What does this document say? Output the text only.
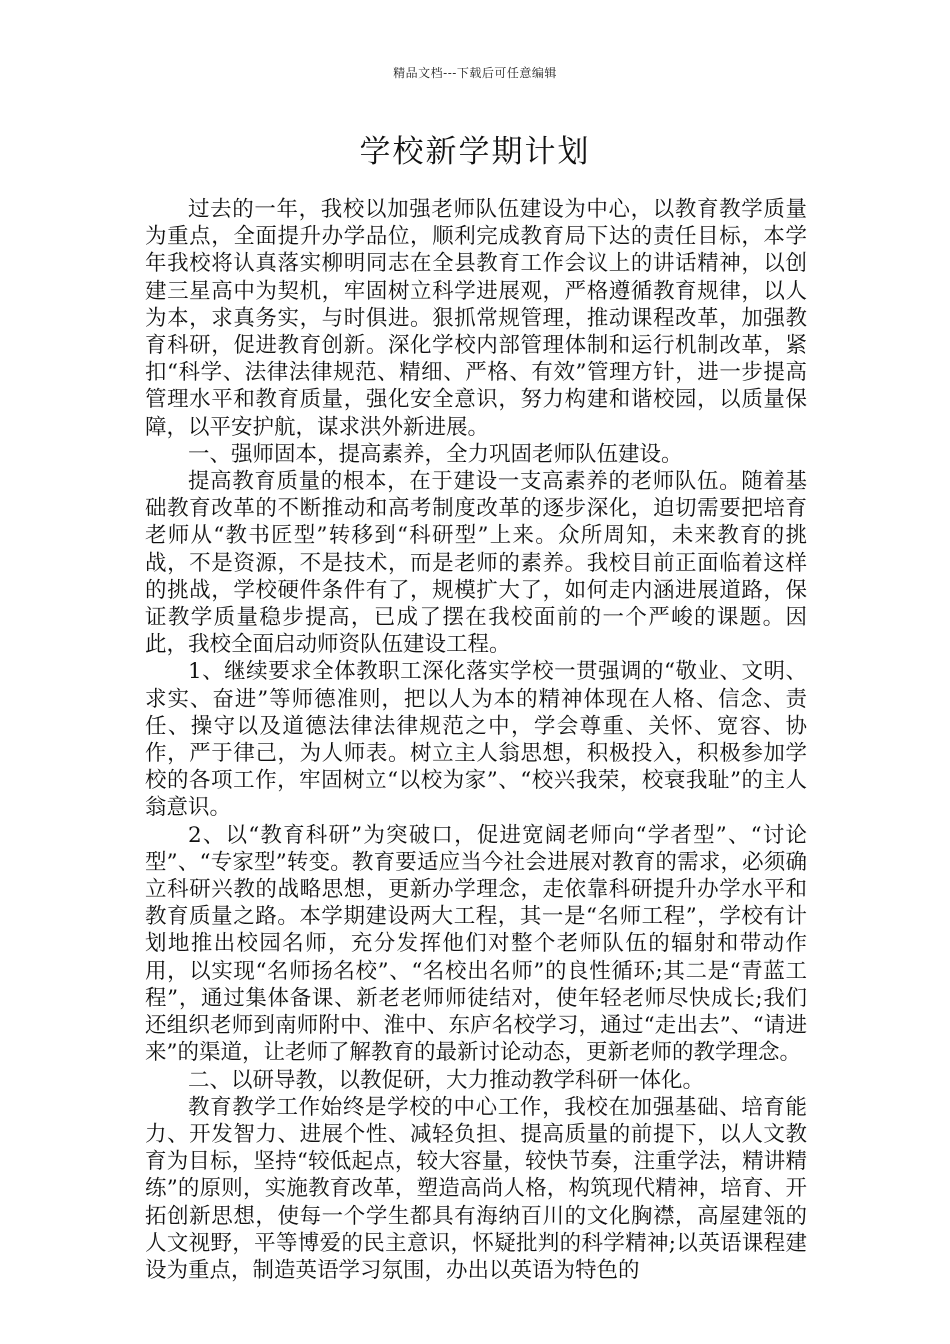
精品文档---下载后可任意编辑
学校新学期计划

过去的一年，我校以加强老师队伍建设为中心，以教育教学质量为重点，全面提升办学品位，顺利完成教育局下达的责任目标，本学年我校将认真落实柳明同志在全县教育工作会议上的讲话精神，以创建三星高中为契机，牢固树立科学进展观，严格遵循教育规律，以人为本，求真务实，与时俱进。狠抓常规管理，推动课程改革，加强教育科研，促进教育创新。深化学校内部管理体制和运行机制改革，紧扣“科学、法律法律规范、精细、严格、有效”管理方针，进一步提高管理水平和教育质量，强化安全意识，努力构建和谐校园，以质量保障，以平安护航，谋求洪外新进展。

一、强师固本，提高素养，全力巩固老师队伍建设。

提高教育质量的根本，在于建设一支高素养的老师队伍。随着基础教育改革的不断推动和高考制度改革的逐步深化，迫切需要把培育老师从“教书匠型”转移到“科研型”上来。众所周知，未来教育的挑战，不是资源，不是技术，而是老师的素养。我校目前正面临着这样的挑战，学校硬件条件有了，规模扩大了，如何走内涵进展道路，保证教学质量稳步提高，已成了摆在我校面前的一个严峻的课题。因此，我校全面启动师资队伍建设工程。

1、继续要求全体教职工深化落实学校一贯强调的“敬业、文明、求实、奋进”等师德准则，把以人为本的精神体现在人格、信念、责任、操守以及道德法律法律规范之中，学会尊重、关怀、宽容、协作，严于律己，为人师表。树立主人翁思想，积极投入，积极参加学校的各项工作，牢固树立“以校为家”、“校兴我荣，校衰我耻”的主人翁意识。

2、以“教育科研”为突破口，促进宽阔老师向“学者型”、“讨论型”、“专家型”转变。教育要适应当今社会进展对教育的需求，必须确立科研兴教的战略思想，更新办学理念，走依靠科研提升办学水平和教育质量之路。本学期建设两大工程，其一是“名师工程”，学校有计划地推出校园名师，充分发挥他们对整个老师队伍的辐射和带动作用，以实现“名师扬名校”、“名校出名师”的良性循环;其二是“青蓝工程”，通过集体备课、新老老师师徒结对，使年轻老师尽快成长;我们还组织老师到南师附中、淮中、东庐名校学习，通过“走出去”、“请进来”的渠道，让老师了解教育的最新讨论动态，更新老师的教学理念。

二、以研导教，以教促研，大力推动教学科研一体化。

教育教学工作始终是学校的中心工作，我校在加强基础、培育能力、开发智力、进展个性、减轻负担、提高质量的前提下，以人文教育为目标，坚持“较低起点，较大容量，较快节奏，注重学法，精讲精练”的原则，实施教育改革，塑造高尚人格，构筑现代精神，培育、开拓创新思想，使每一个学生都具有海纳百川的文化胸襟，高屋建瓴的人文视野，平等博爱的民主意识，怀疑批判的科学精神;以英语课程建设为重点，制造英语学习氛围，办出以英语为特色的
